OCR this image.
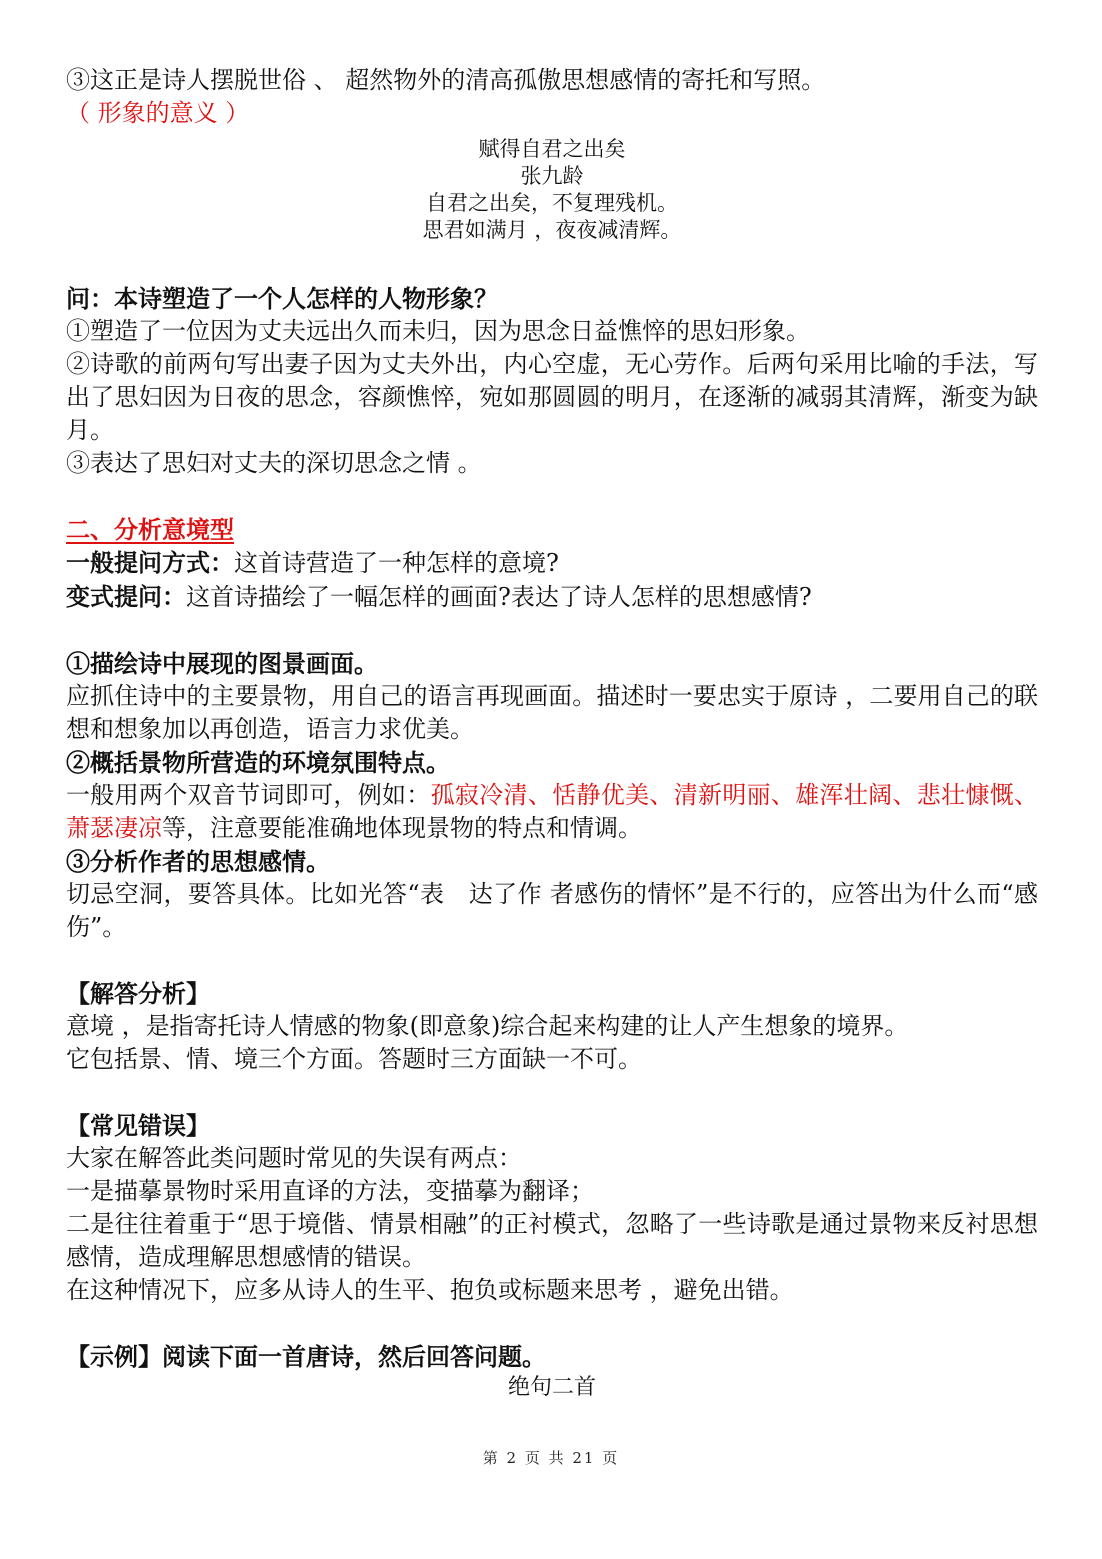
③这正是诗人摆脱世俗 、 超然物外的清高孤傲思想感情的寄托和写照。
（ 形象的意义 ）
赋得自君之出矣
张九龄
自君之出矣，不复理残机。
思君如满月 ，夜夜减清辉。
问：本诗塑造了一个人怎样的人物形象？
①塑造了一位因为丈夫远出久而未归，因为思念日益憔悴的思妇形象。
②诗歌的前两句写出妻子因为丈夫外出，内心空虚，无心劳作。后两句采用比喻的手法，写出了思妇因为日夜的思念，容颜憔悴，宛如那圆圆的明月，在逐渐的减弱其清辉，渐变为缺月。
③表达了思妇对丈夫的深切思念之情 。
二、分析意境型
一般提问方式：这首诗营造了一种怎样的意境?
变式提问：这首诗描绘了一幅怎样的画面?表达了诗人怎样的思想感情?
①描绘诗中展现的图景画面。
应抓住诗中的主要景物，用自己的语言再现画面。描述时一要忠实于原诗 ，二要用自己的联想和想象加以再创造，语言力求优美。
②概括景物所营造的环境氛围特点。
一般用两个双音节词即可，例如：孤寂冷清、恬静优美、清新明丽、雄浑壮阔、悲壮慷慨、萧瑟凄凉等，注意要能准确地体现景物的特点和情调。
③分析作者的思想感情。
切忌空洞，要答具体。比如光答“表　达了作 者感伤的情怀”是不行的，应答出为什么而“感伤”。
【解答分析】
意境 ，是指寄托诗人情感的物象(即意象)综合起来构建的让人产生想象的境界。
它包括景、情、境三个方面。答题时三方面缺一不可。
【常见错误】
大家在解答此类问题时常见的失误有两点：
一是描摹景物时采用直译的方法，变描摹为翻译；
二是往往着重于“思于境偕、情景相融”的正衬模式，忽略了一些诗歌是通过景物来反衬思想感情，造成理解思想感情的错误。
在这种情况下，应多从诗人的生平、抱负或标题来思考 ，避免出错。
【示例】阅读下面一首唐诗，然后回答问题。
绝句二首
第 2 页 共 21 页
